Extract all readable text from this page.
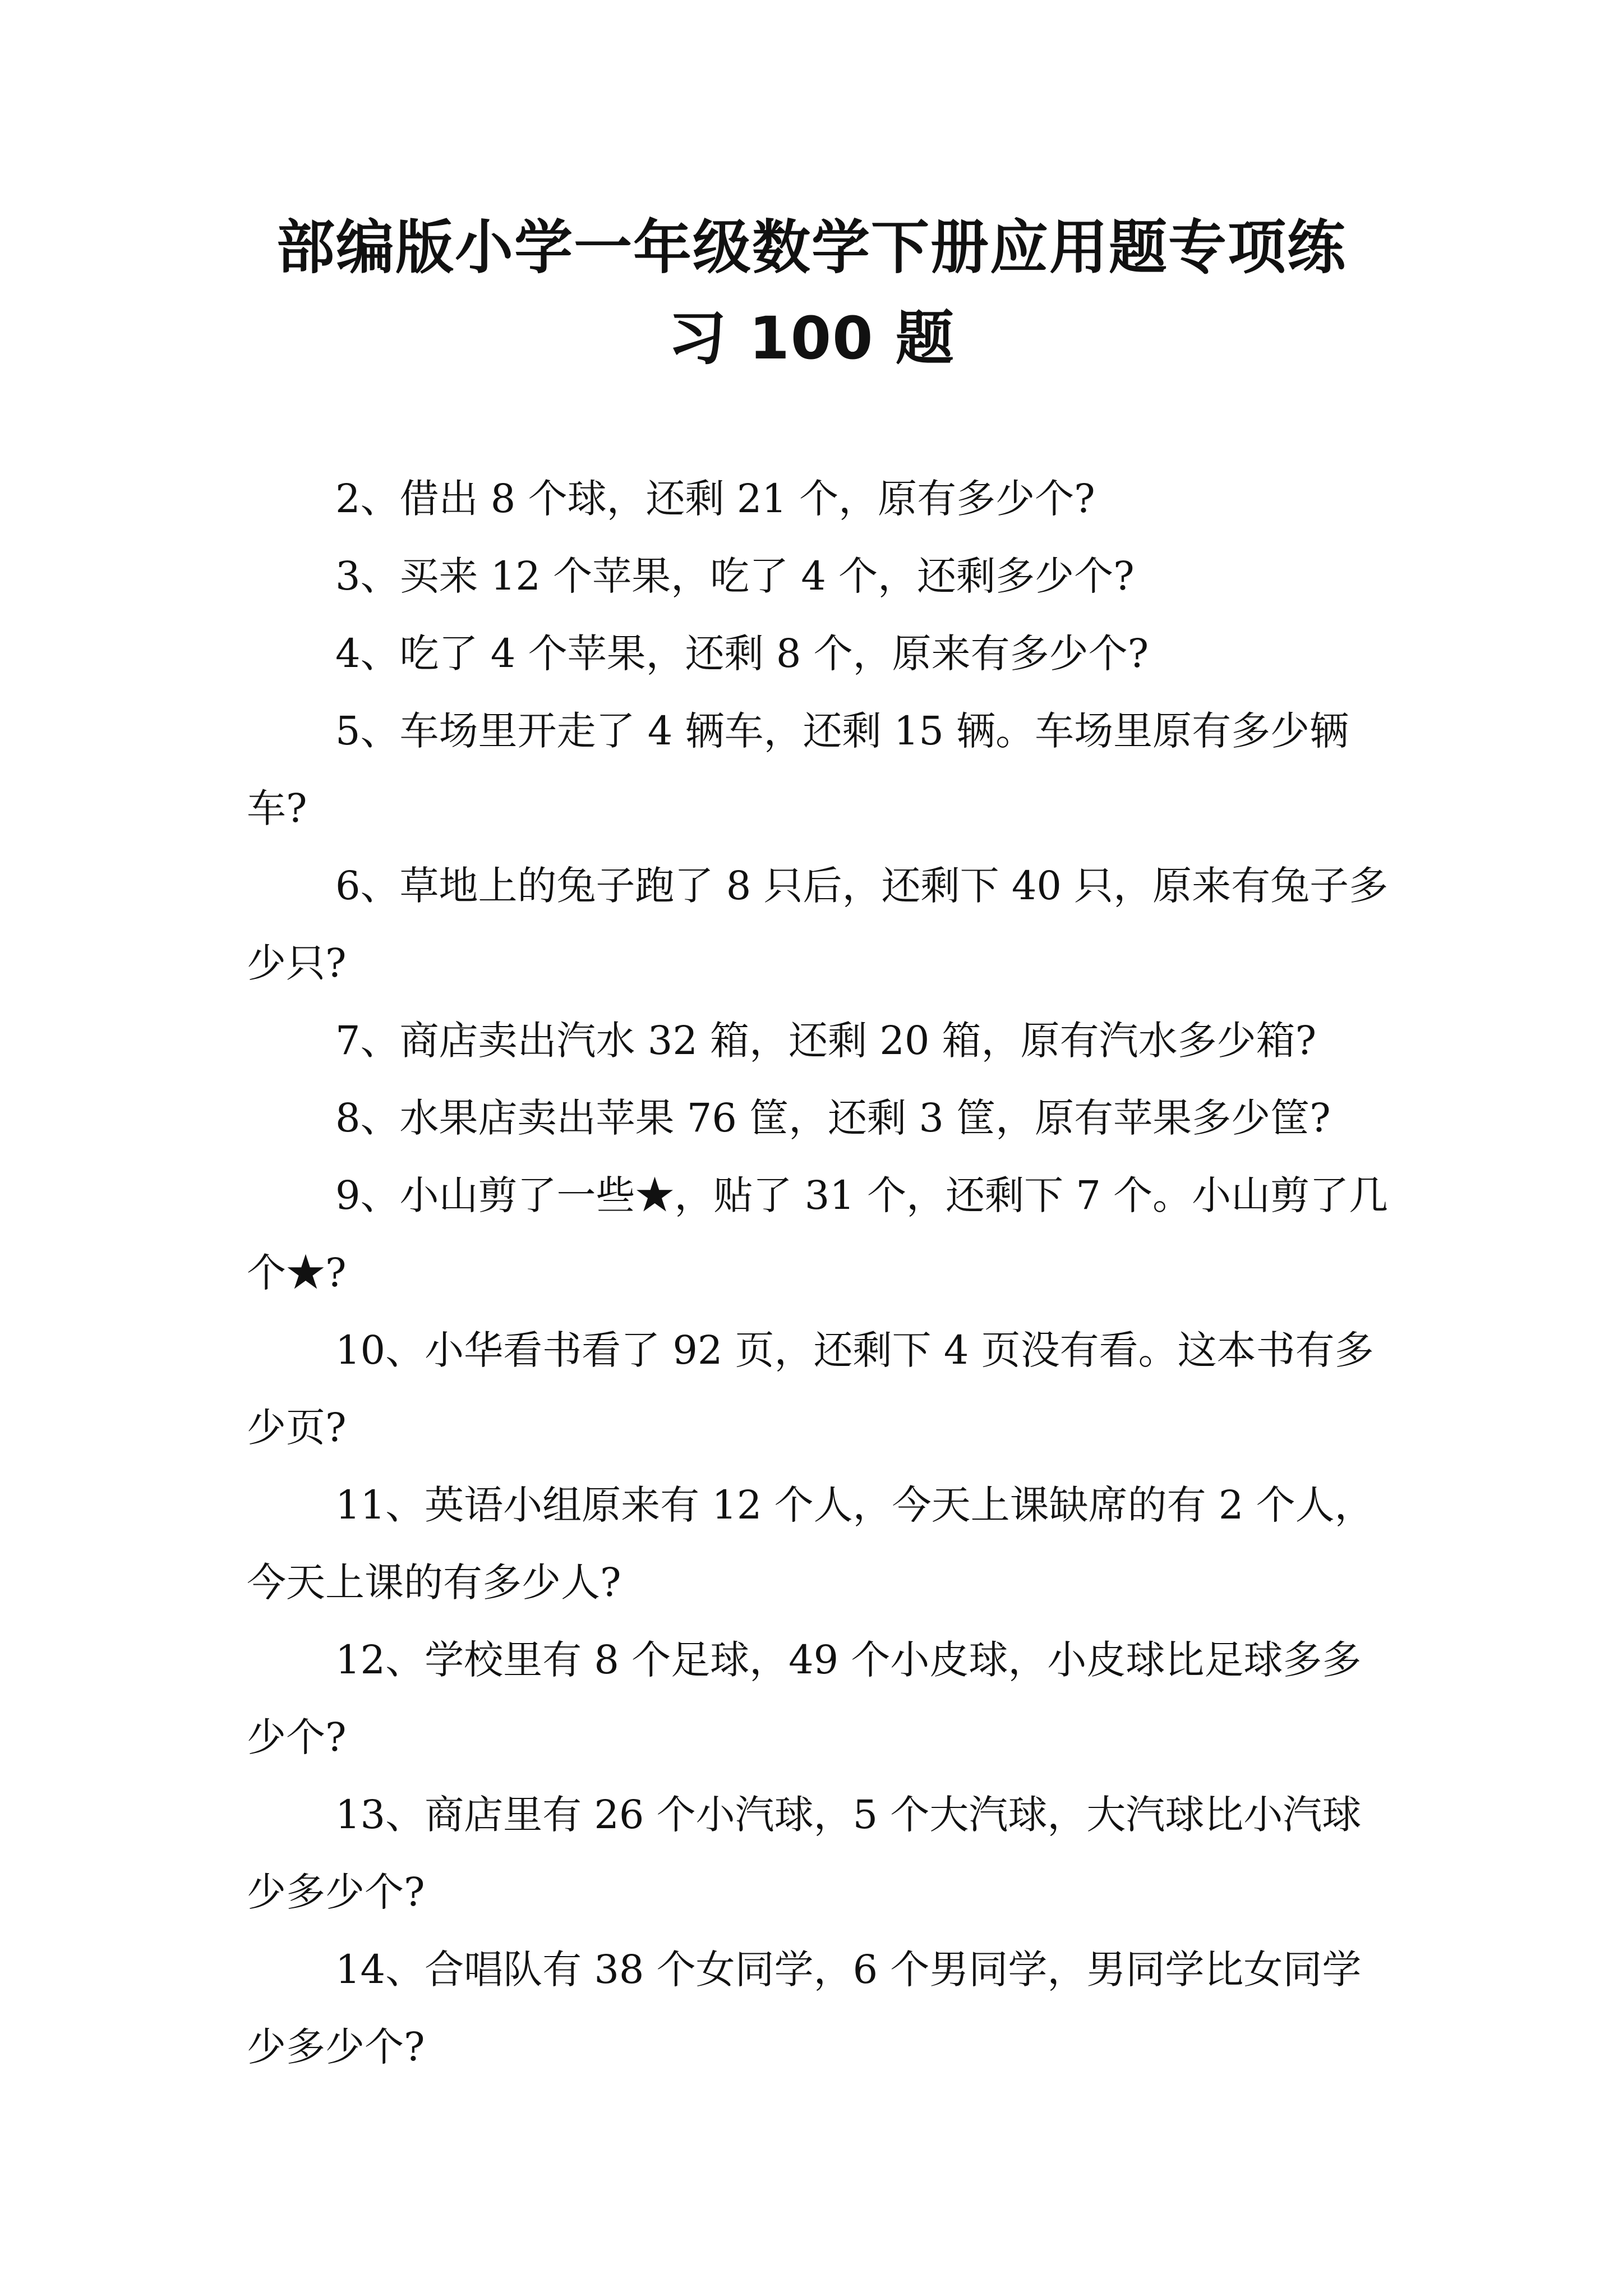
部编版小学一年级数学下册应用题专项练
习 100 题
2、借出 8 个球，还剩 21 个，原有多少个?
3、买来 12 个苹果，吃了 4 个，还剩多少个?
4、吃了 4 个苹果，还剩 8 个，原来有多少个?
5、车场里开走了 4 辆车，还剩 15 辆。车场里原有多少辆车?
6、草地上的兔子跑了 8 只后，还剩下 40 只，原来有兔子多少只?
7、商店卖出汽水 32 箱，还剩 20 箱，原有汽水多少箱?
8、水果店卖出苹果 76 筐，还剩 3 筐，原有苹果多少筐?
9、小山剪了一些★，贴了 31 个，还剩下 7 个。小山剪了几个★?
10、小华看书看了 92 页，还剩下 4 页没有看。这本书有多少页?
11、英语小组原来有 12 个人，今天上课缺席的有 2 个人，今天上课的有多少人?
12、学校里有 8 个足球，49 个小皮球，小皮球比足球多多少个?
13、商店里有 26 个小汽球，5 个大汽球，大汽球比小汽球少多少个?
14、合唱队有 38 个女同学，6 个男同学，男同学比女同学少多少个?
